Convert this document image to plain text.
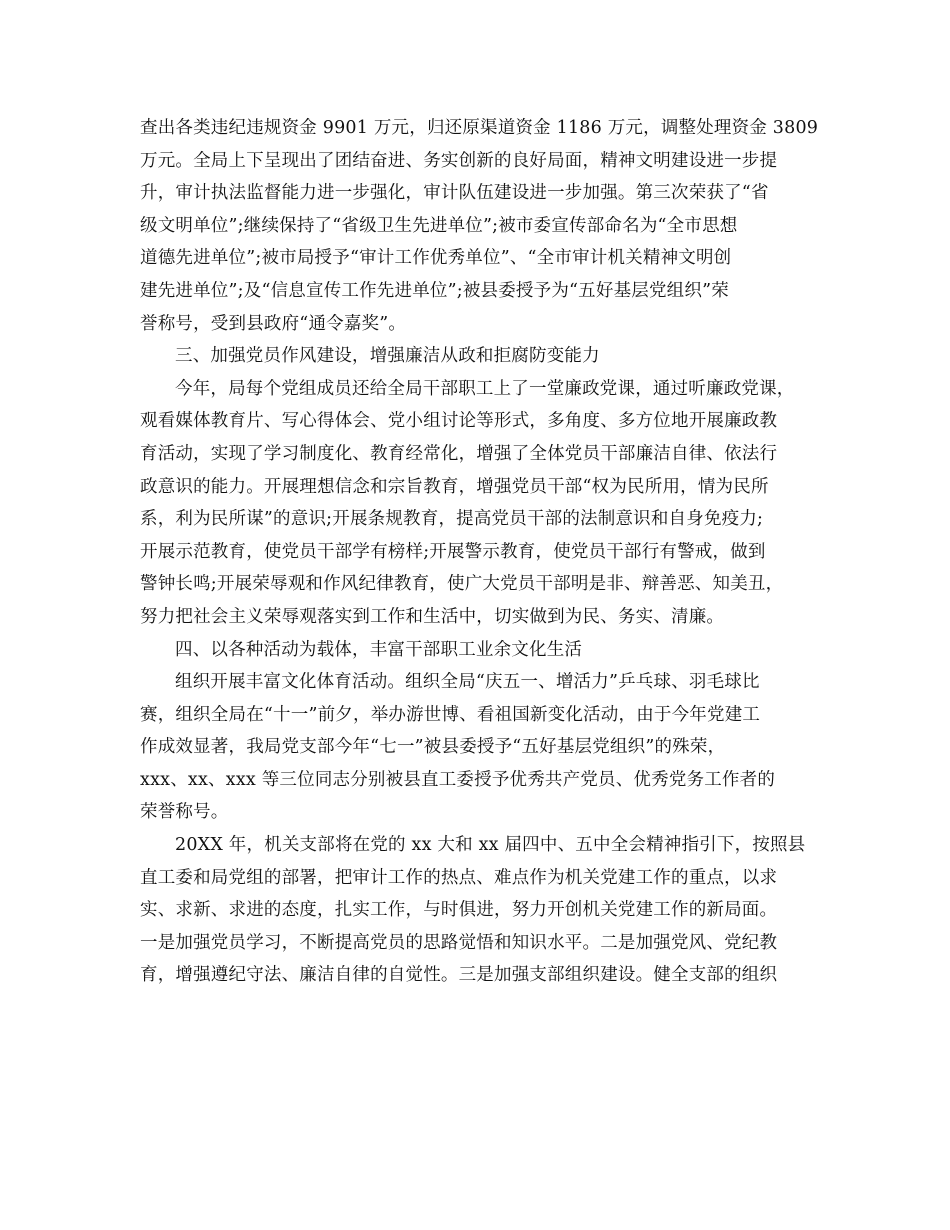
查出各类违纪违规资金 9901 万元，归还原渠道资金 1186 万元，调整处理资金 3809
万元。全局上下呈现出了团结奋进、务实创新的良好局面，精神文明建设进一步提
升，审计执法监督能力进一步强化，审计队伍建设进一步加强。第三次荣获了“省
级文明单位”;继续保持了“省级卫生先进单位”;被市委宣传部命名为“全市思想
道德先进单位”;被市局授予“审计工作优秀单位”、“全市审计机关精神文明创
建先进单位”;及“信息宣传工作先进单位”;被县委授予为“五好基层党组织”荣
誉称号，受到县政府“通令嘉奖”。
三、加强党员作风建设，增强廉洁从政和拒腐防变能力
今年，局每个党组成员还给全局干部职工上了一堂廉政党课，通过听廉政党课，
观看媒体教育片、写心得体会、党小组讨论等形式，多角度、多方位地开展廉政教
育活动，实现了学习制度化、教育经常化，增强了全体党员干部廉洁自律、依法行
政意识的能力。开展理想信念和宗旨教育，增强党员干部“权为民所用，情为民所
系，利为民所谋”的意识;开展条规教育，提高党员干部的法制意识和自身免疫力;
开展示范教育，使党员干部学有榜样;开展警示教育，使党员干部行有警戒，做到
警钟长鸣;开展荣辱观和作风纪律教育，使广大党员干部明是非、辩善恶、知美丑，
努力把社会主义荣辱观落实到工作和生活中，切实做到为民、务实、清廉。
四、以各种活动为载体，丰富干部职工业余文化生活
组织开展丰富文化体育活动。组织全局“庆五一、增活力”乒乓球、羽毛球比
赛，组织全局在“十一”前夕，举办游世博、看祖国新变化活动，由于今年党建工
作成效显著，我局党支部今年“七一”被县委授予“五好基层党组织”的殊荣，
xxx、xx、xxx 等三位同志分别被县直工委授予优秀共产党员、优秀党务工作者的
荣誉称号。
20XX 年，机关支部将在党的 xx 大和 xx 届四中、五中全会精神指引下，按照县
直工委和局党组的部署，把审计工作的热点、难点作为机关党建工作的重点，以求
实、求新、求进的态度，扎实工作，与时俱进，努力开创机关党建工作的新局面。
一是加强党员学习，不断提高党员的思路觉悟和知识水平。二是加强党风、党纪教
育，增强遵纪守法、廉洁自律的自觉性。三是加强支部组织建设。健全支部的组织
